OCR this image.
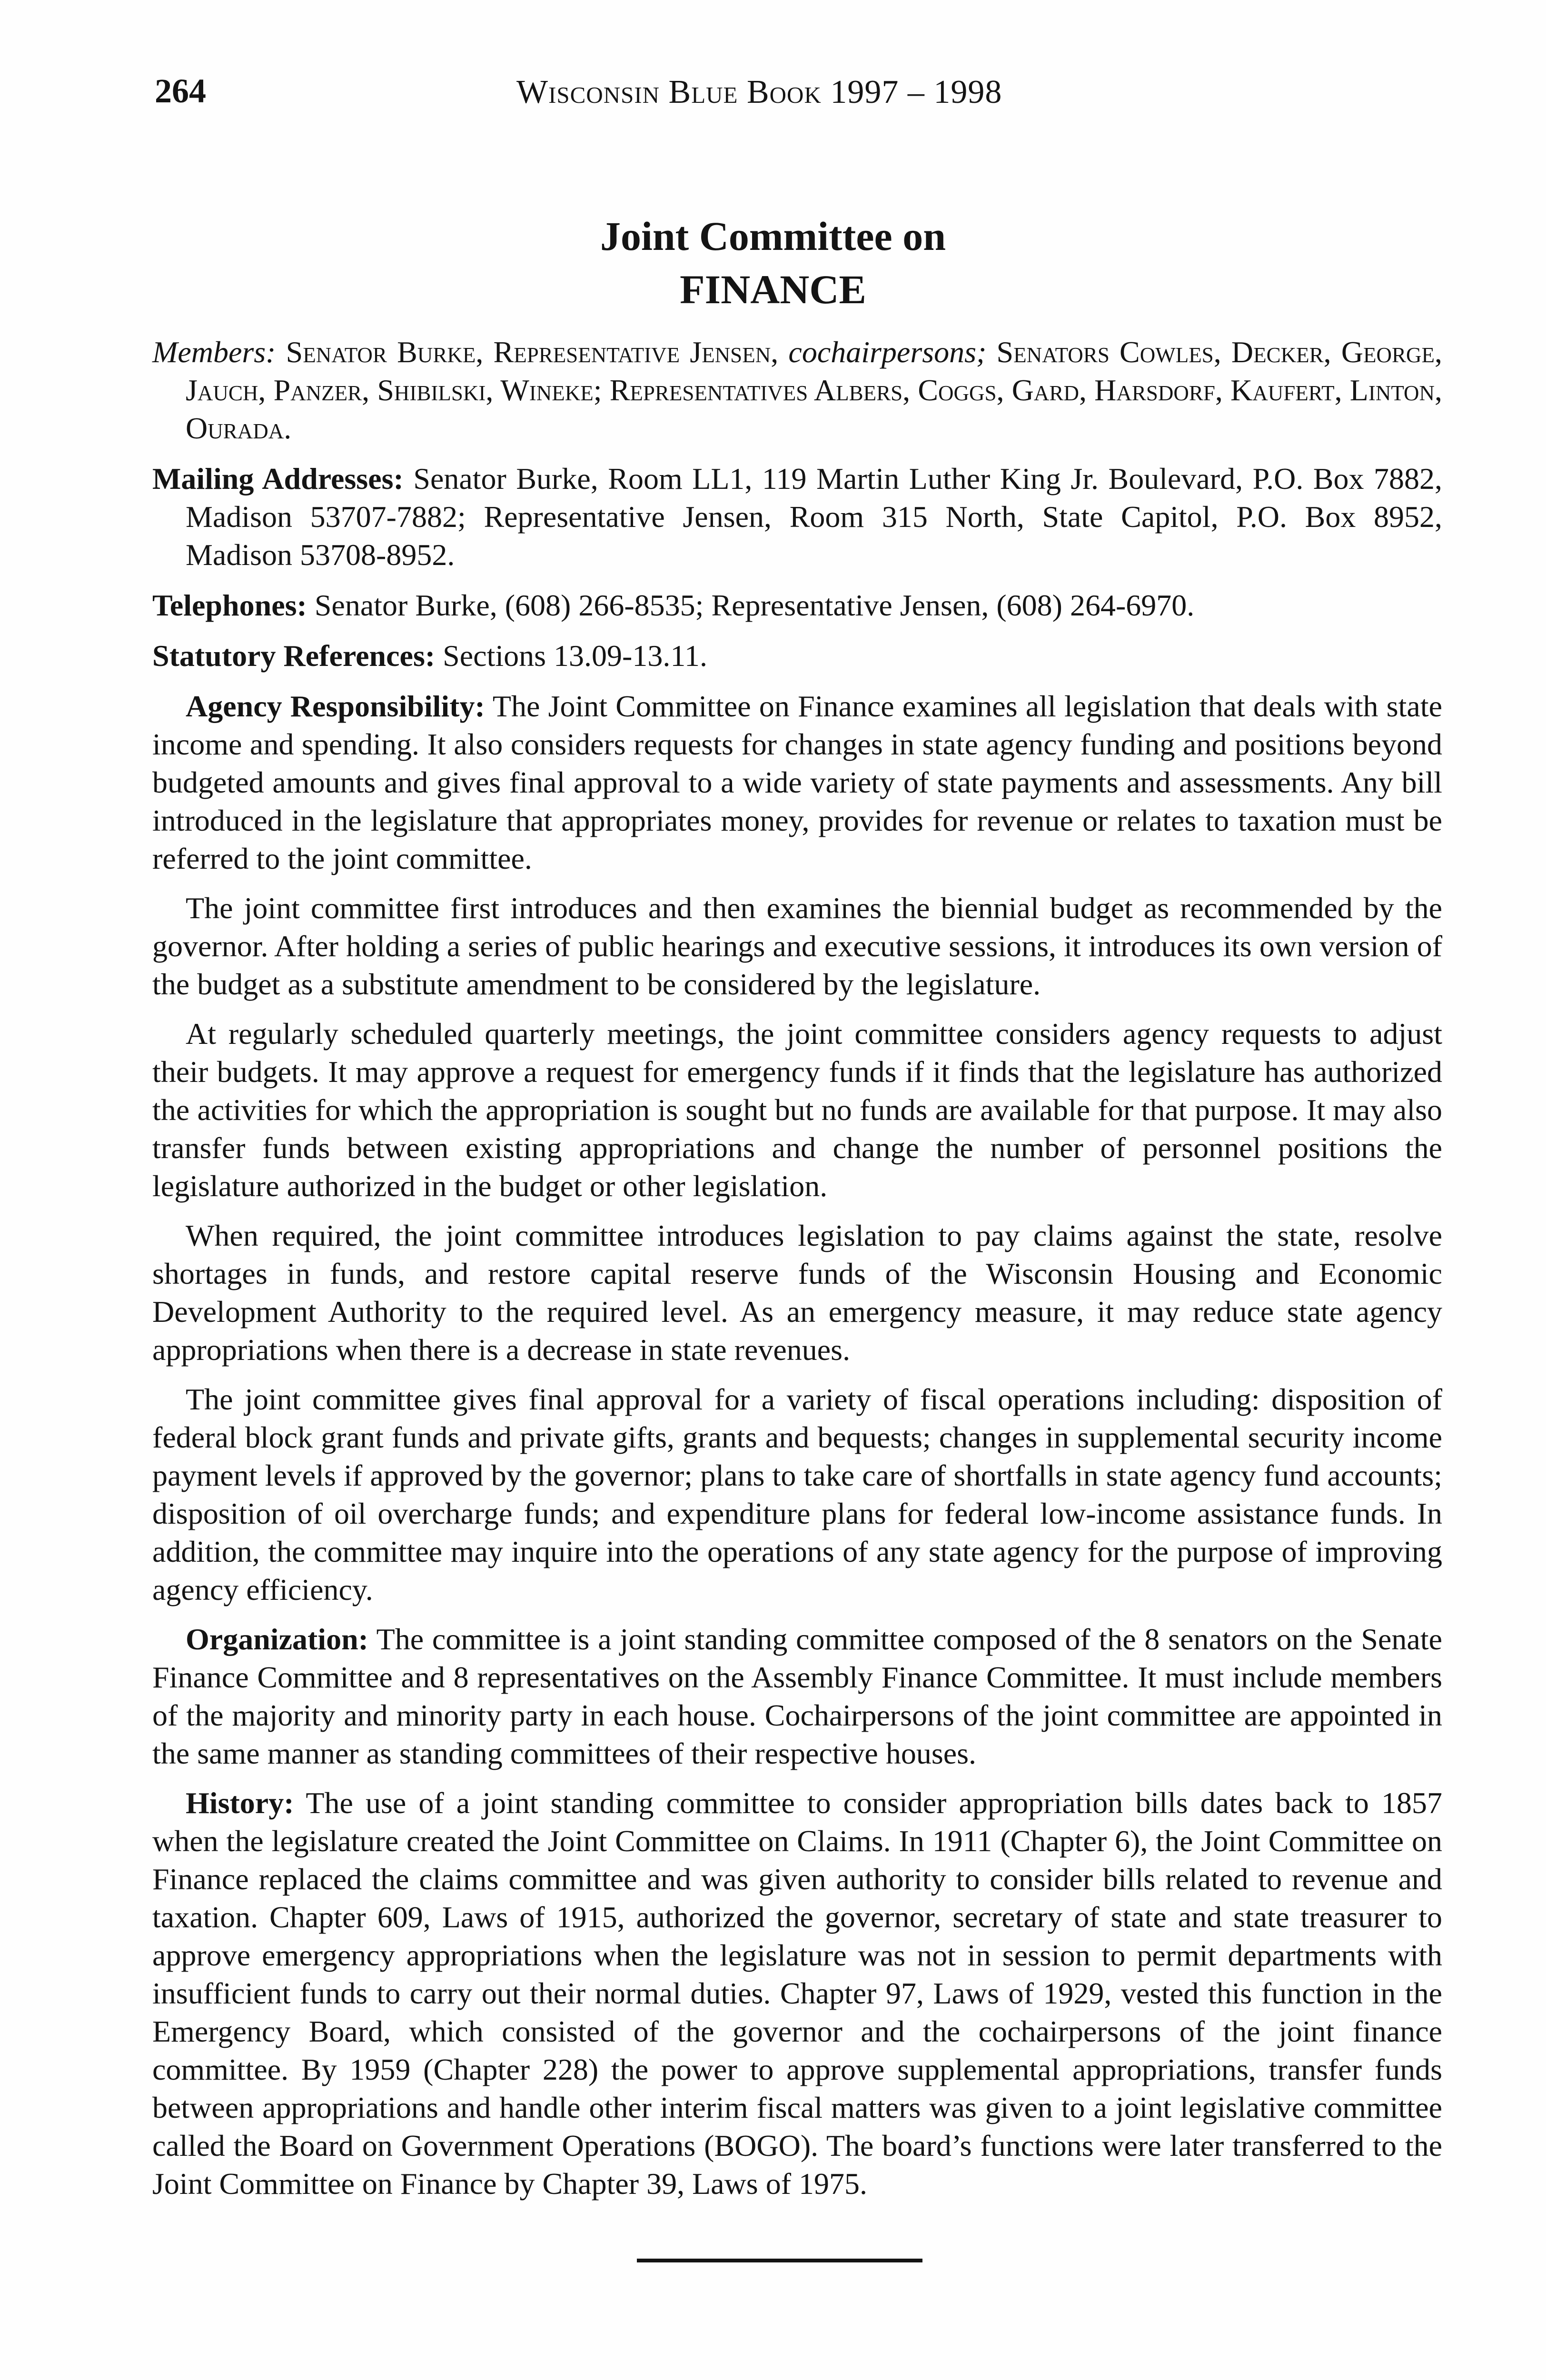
264	Wisconsin Blue Book 1997 – 1998
Joint Committee on
FINANCE

Members: Senator Burke, Representative Jensen, cochairpersons; Senators Cowles, Decker, George, Jauch, Panzer, Shibilski, Wineke; Representatives Albers, Coggs, Gard, Harsdorf, Kaufert, Linton, Ourada.

Mailing Addresses: Senator Burke, Room LL1, 119 Martin Luther King Jr. Boulevard, P.O. Box 7882, Madison 53707-7882; Representative Jensen, Room 315 North, State Capitol, P.O. Box 8952, Madison 53708-8952.

Telephones: Senator Burke, (608) 266-8535; Representative Jensen, (608) 264-6970.

Statutory References: Sections 13.09-13.11.

Agency Responsibility: The Joint Committee on Finance examines all legislation that deals with state income and spending. It also considers requests for changes in state agency funding and positions beyond budgeted amounts and gives final approval to a wide variety of state payments and assessments. Any bill introduced in the legislature that appropriates money, provides for revenue or relates to taxation must be referred to the joint committee.

The joint committee first introduces and then examines the biennial budget as recommended by the governor. After holding a series of public hearings and executive sessions, it introduces its own version of the budget as a substitute amendment to be considered by the legislature.

At regularly scheduled quarterly meetings, the joint committee considers agency requests to adjust their budgets. It may approve a request for emergency funds if it finds that the legislature has authorized the activities for which the appropriation is sought but no funds are available for that purpose. It may also transfer funds between existing appropriations and change the number of personnel positions the legislature authorized in the budget or other legislation.

When required, the joint committee introduces legislation to pay claims against the state, resolve shortages in funds, and restore capital reserve funds of the Wisconsin Housing and Economic Development Authority to the required level. As an emergency measure, it may reduce state agency appropriations when there is a decrease in state revenues.

The joint committee gives final approval for a variety of fiscal operations including: disposition of federal block grant funds and private gifts, grants and bequests; changes in supplemental security income payment levels if approved by the governor; plans to take care of shortfalls in state agency fund accounts; disposition of oil overcharge funds; and expenditure plans for federal low-income assistance funds. In addition, the committee may inquire into the operations of any state agency for the purpose of improving agency efficiency.

Organization: The committee is a joint standing committee composed of the 8 senators on the Senate Finance Committee and 8 representatives on the Assembly Finance Committee. It must include members of the majority and minority party in each house. Cochairpersons of the joint committee are appointed in the same manner as standing committees of their respective houses.

History: The use of a joint standing committee to consider appropriation bills dates back to 1857 when the legislature created the Joint Committee on Claims. In 1911 (Chapter 6), the Joint Committee on Finance replaced the claims committee and was given authority to consider bills related to revenue and taxation. Chapter 609, Laws of 1915, authorized the governor, secretary of state and state treasurer to approve emergency appropriations when the legislature was not in session to permit departments with insufficient funds to carry out their normal duties. Chapter 97, Laws of 1929, vested this function in the Emergency Board, which consisted of the governor and the cochairpersons of the joint finance committee. By 1959 (Chapter 228) the power to approve supplemental appropriations, transfer funds between appropriations and handle other interim fiscal matters was given to a joint legislative committee called the Board on Government Operations (BOGO). The board’s functions were later transferred to the Joint Committee on Finance by Chapter 39, Laws of 1975.
